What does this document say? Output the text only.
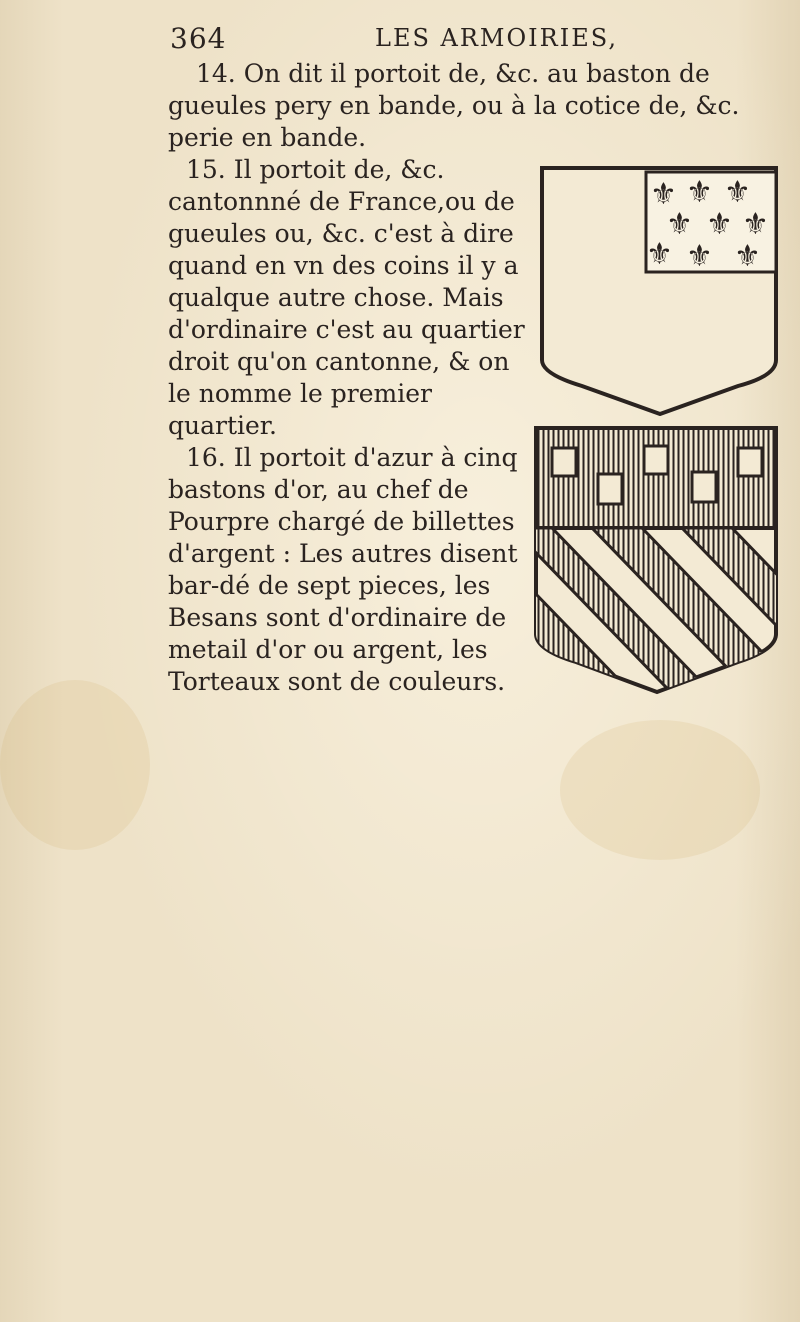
364	LES ARMOIRIES,

14. On dit il portoit de, &c. au baston de gueules pery en bande, ou à la cotice de, &c. perie en bande.

15. Il portoit de, &c. cantonnné de France,ou de gueules ou, &c. c'est à dire quand en vn des coins il y a qualque autre chose. Mais d'ordinaire c'est au quartier droit qu'on cantonne, & on le nomme le premier quartier.

16. Il portoit d'azur à cinq bastons d'or, au chef de Pourpre chargé de billettes d'argent : Les autres disent bar-dé de sept pieces, les Besans sont d'ordinaire de metail d'or ou argent, les Torteaux sont de couleurs.

⚜ ⚜ ⚜
⚜ ⚜ ⚜
⚜ ⚜ ⚜
